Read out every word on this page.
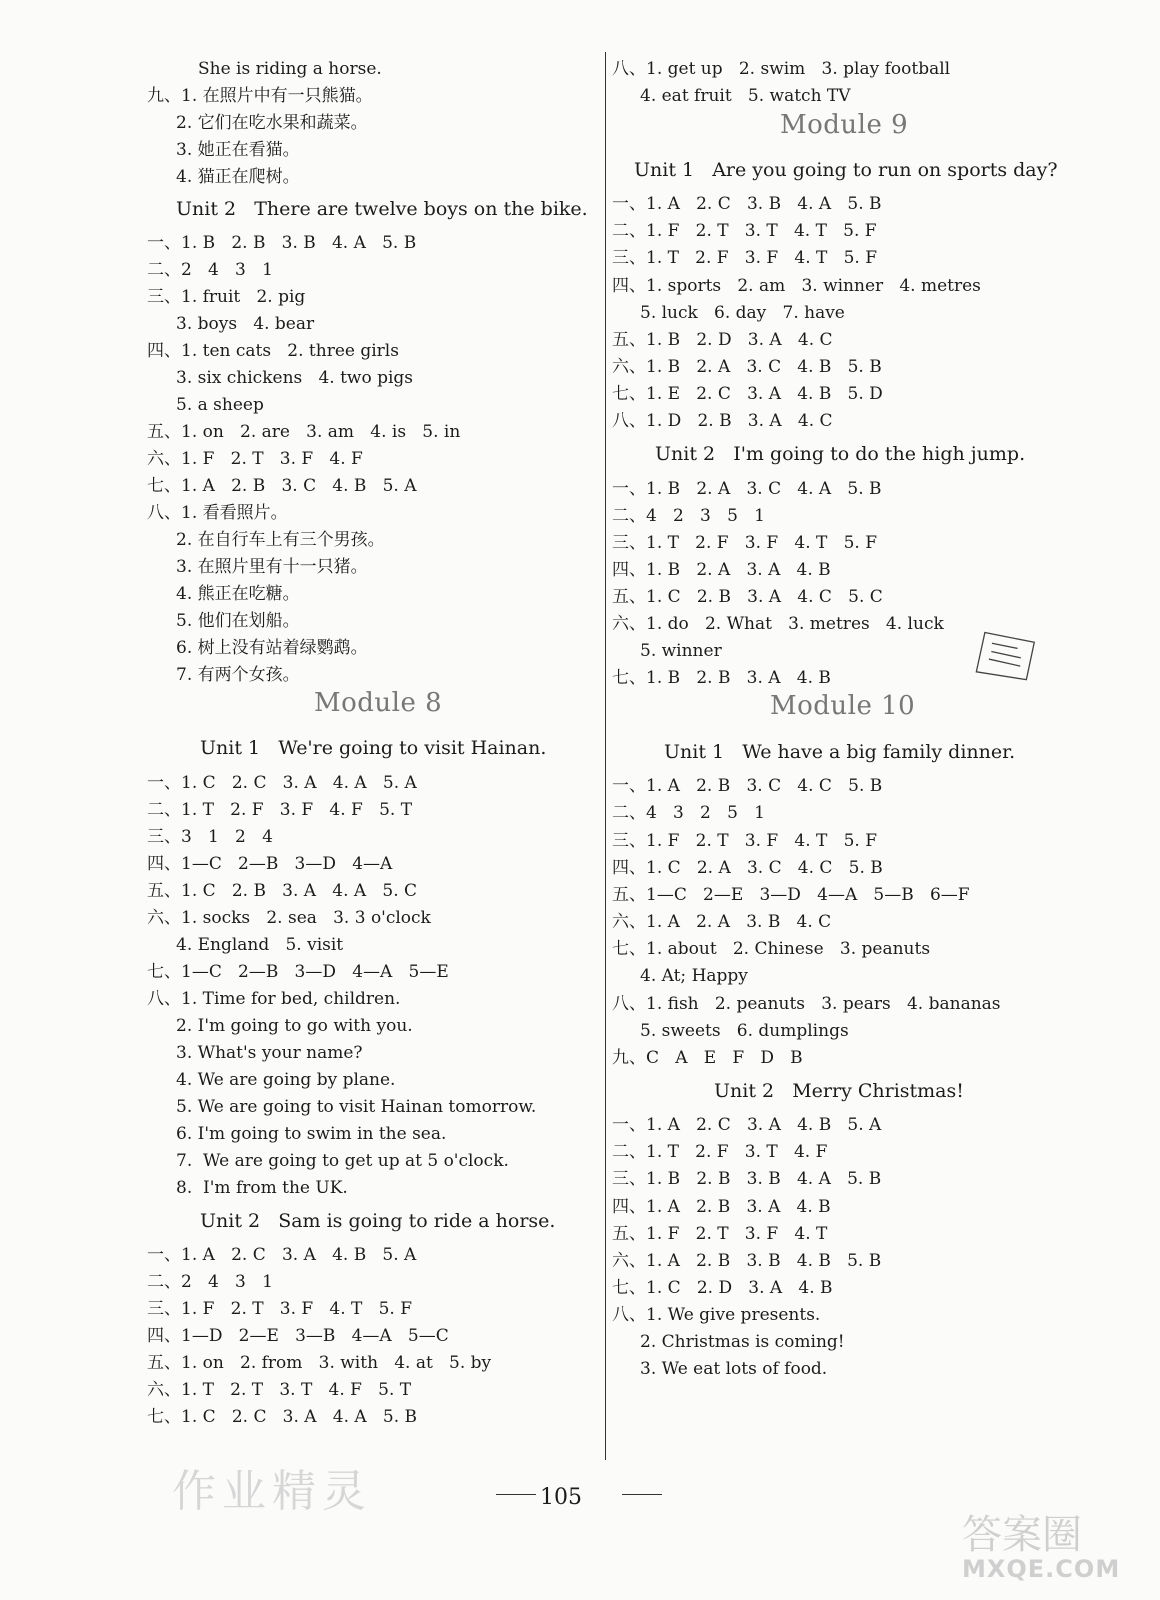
She is riding a horse.
九、1. 在照片中有一只熊猫。
2. 它们在吃水果和蔬菜。
3. 她正在看猫。
4. 猫正在爬树。
Unit 2   There are twelve boys on the bike.
一、1. B   2. B   3. B   4. A   5. B
二、2   4   3   1
三、1. fruit   2. pig
3. boys   4. bear
四、1. ten cats   2. three girls
3. six chickens   4. two pigs
5. a sheep
五、1. on   2. are   3. am   4. is   5. in
六、1. F   2. T   3. F   4. F
七、1. A   2. B   3. C   4. B   5. A
八、1. 看看照片。
2. 在自行车上有三个男孩。
3. 在照片里有十一只猪。
4. 熊正在吃糖。
5. 他们在划船。
6. 树上没有站着绿鹦鹉。
7. 有两个女孩。
Module 8
Unit 1   We're going to visit Hainan.
一、1. C   2. C   3. A   4. A   5. A
二、1. T   2. F   3. F   4. F   5. T
三、3   1   2   4
四、1—C   2—B   3—D   4—A
五、1. C   2. B   3. A   4. A   5. C
六、1. socks   2. sea   3. 3 o'clock
4. England   5. visit
七、1—C   2—B   3—D   4—A   5—E
八、1. Time for bed, children.
2. I'm going to go with you.
3. What's your name?
4. We are going by plane.
5. We are going to visit Hainan tomorrow.
6. I'm going to swim in the sea.
7.  We are going to get up at 5 o'clock.
8.  I'm from the UK.
Unit 2   Sam is going to ride a horse.
一、1. A   2. C   3. A   4. B   5. A
二、2   4   3   1
三、1. F   2. T   3. F   4. T   5. F
四、1—D   2—E   3—B   4—A   5—C
五、1. on   2. from   3. with   4. at   5. by
六、1. T   2. T   3. T   4. F   5. T
七、1. C   2. C   3. A   4. A   5. B
八、1. get up   2. swim   3. play football
4. eat fruit   5. watch TV
Module 9
Unit 1   Are you going to run on sports day?
一、1. A   2. C   3. B   4. A   5. B
二、1. F   2. T   3. T   4. T   5. F
三、1. T   2. F   3. F   4. T   5. F
四、1. sports   2. am   3. winner   4. metres
5. luck   6. day   7. have
五、1. B   2. D   3. A   4. C
六、1. B   2. A   3. C   4. B   5. B
七、1. E   2. C   3. A   4. B   5. D
八、1. D   2. B   3. A   4. C
Unit 2   I'm going to do the high jump.
一、1. B   2. A   3. C   4. A   5. B
二、4   2   3   5   1
三、1. T   2. F   3. F   4. T   5. F
四、1. B   2. A   3. A   4. B
五、1. C   2. B   3. A   4. C   5. C
六、1. do   2. What   3. metres   4. luck
5. winner
七、1. B   2. B   3. A   4. B
Module 10
Unit 1   We have a big family dinner.
一、1. A   2. B   3. C   4. C   5. B
二、4   3   2   5   1
三、1. F   2. T   3. F   4. T   5. F
四、1. C   2. A   3. C   4. C   5. B
五、1—C   2—E   3—D   4—A   5—B   6—F
六、1. A   2. A   3. B   4. C
七、1. about   2. Chinese   3. peanuts
4. At; Happy
八、1. fish   2. peanuts   3. pears   4. bananas
5. sweets   6. dumplings
九、C   A   E   F   D   B
Unit 2   Merry Christmas!
一、1. A   2. C   3. A   4. B   5. A
二、1. T   2. F   3. T   4. F
三、1. B   2. B   3. B   4. A   5. B
四、1. A   2. B   3. A   4. B
五、1. F   2. T   3. F   4. T
六、1. A   2. B   3. B   4. B   5. B
七、1. C   2. D   3. A   4. B
八、1. We give presents.
2. Christmas is coming!
3. We eat lots of food.
105
作业精灵
答案圈
MXQE.COM
